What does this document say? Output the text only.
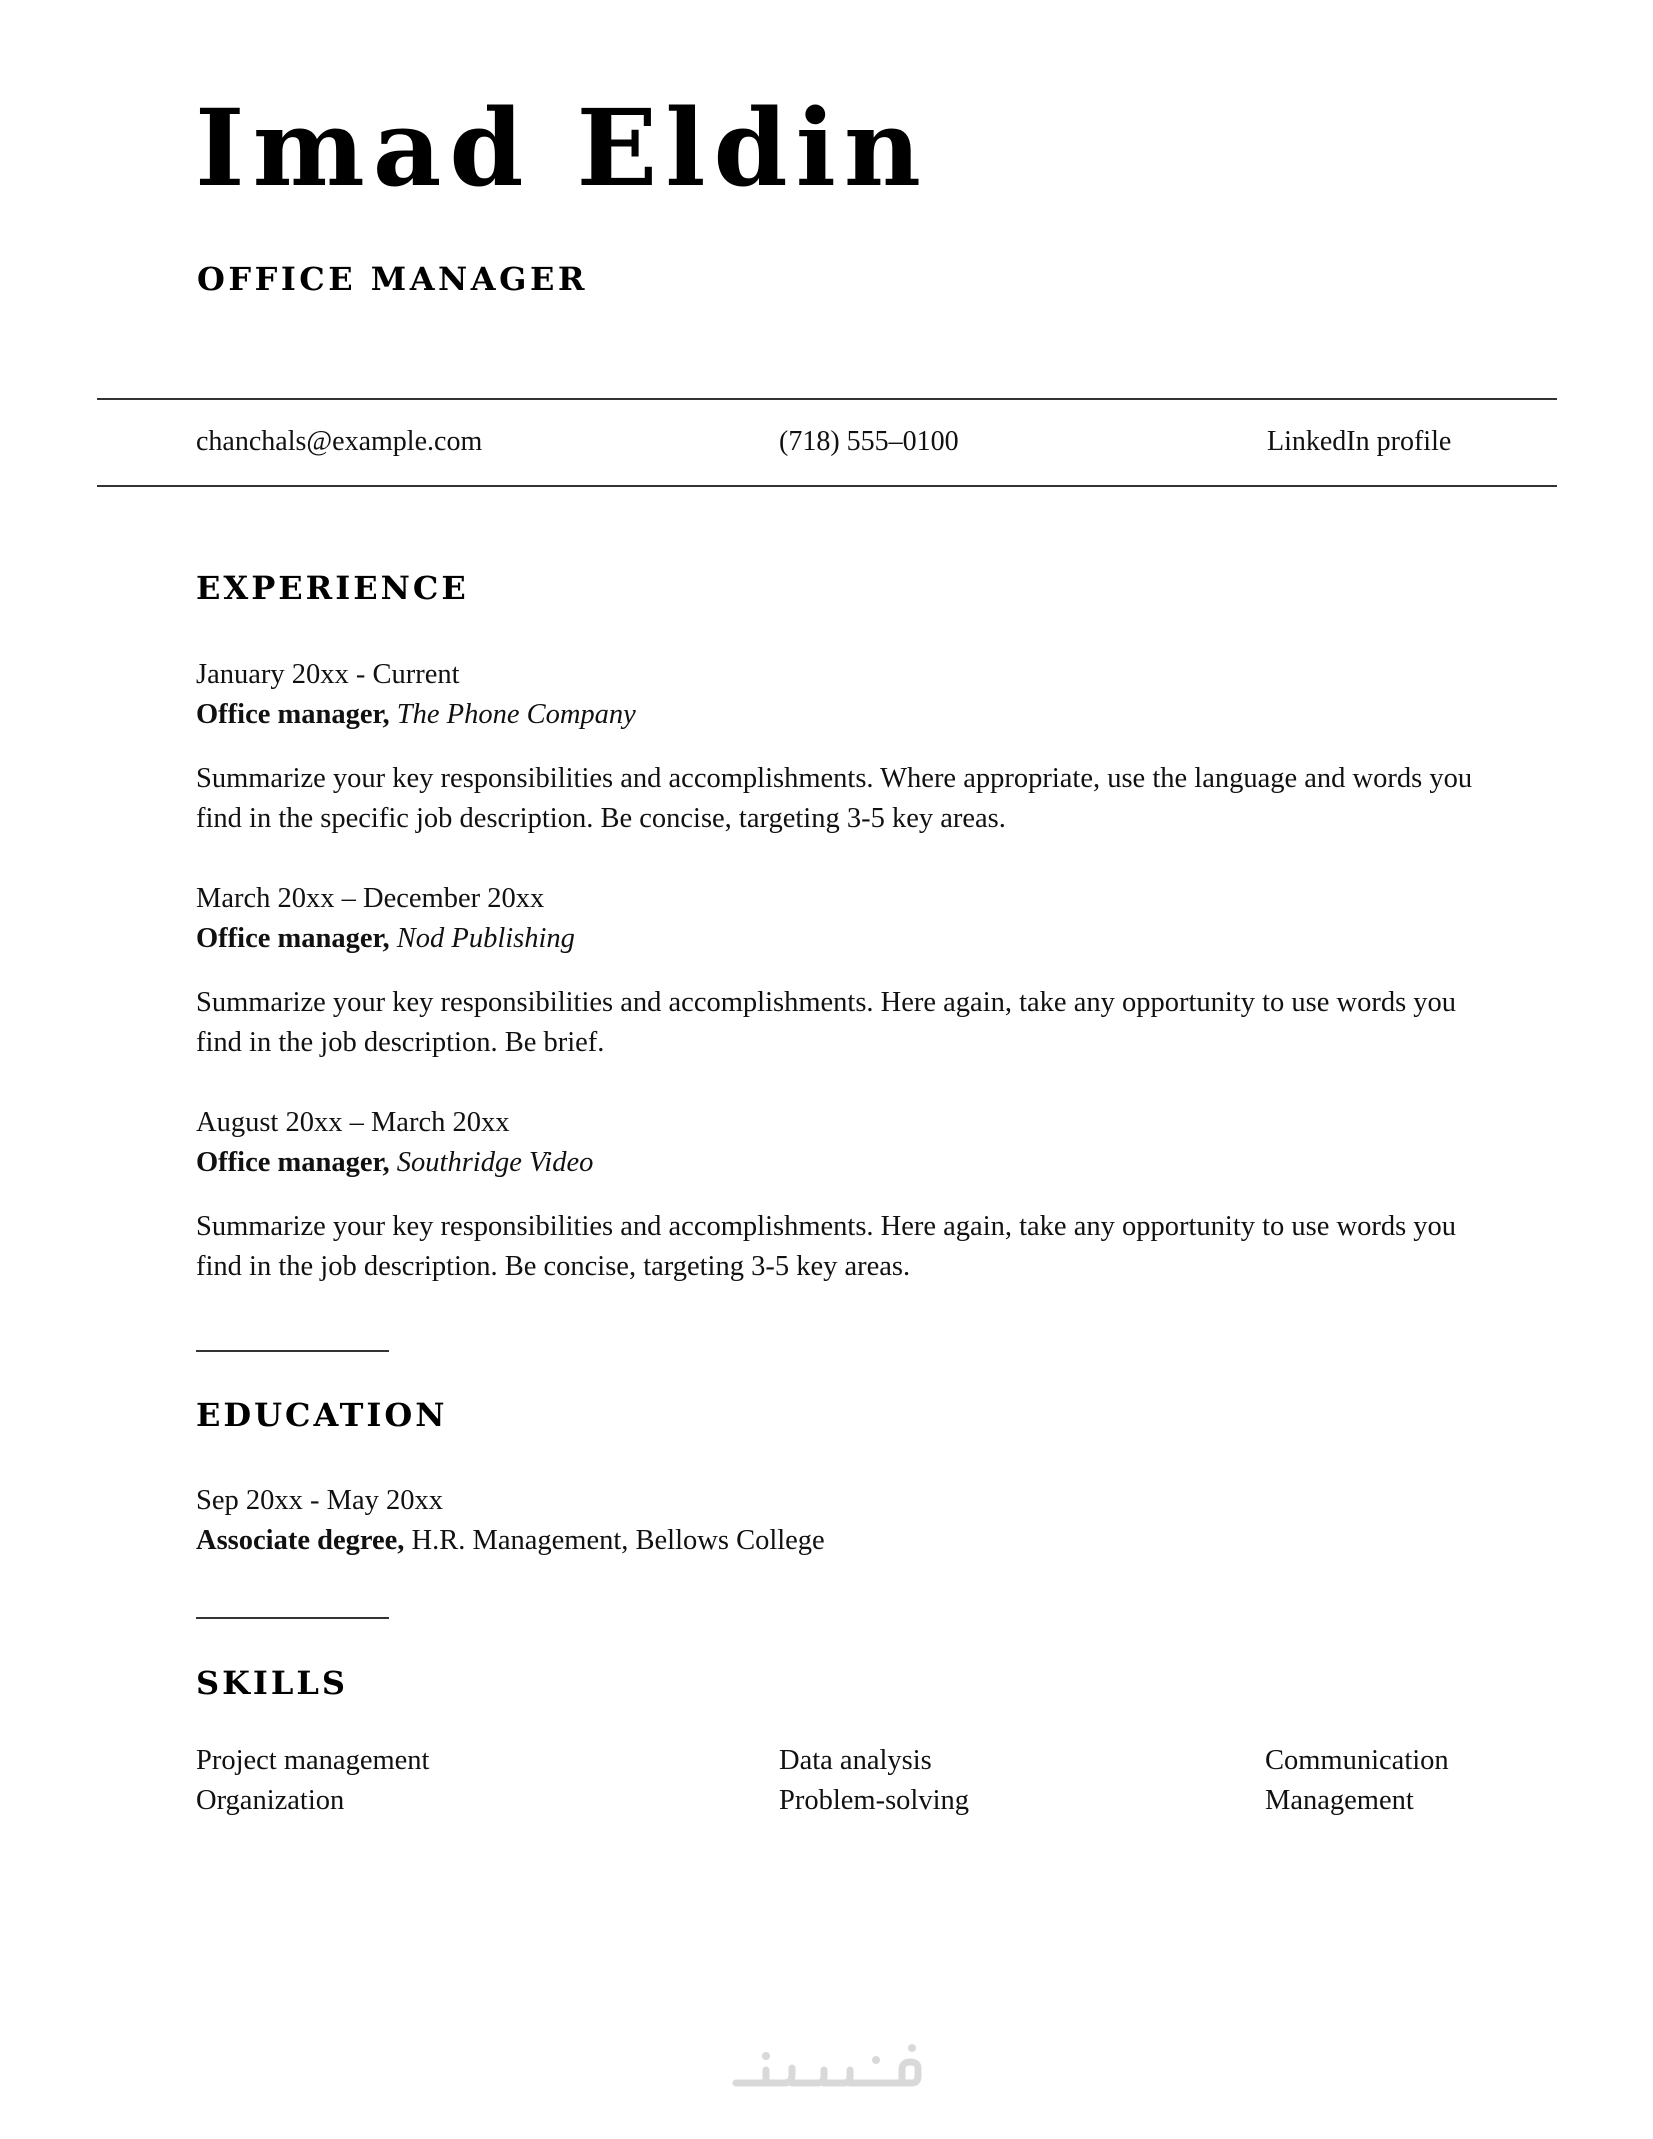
Imad Eldin
OFFICE MANAGER
chanchals@example.com	(718) 555–0100	LinkedIn profile
EXPERIENCE
January 20xx - Current
Office manager, The Phone Company
Summarize your key responsibilities and accomplishments. Where appropriate, use the language and words you find in the specific job description. Be concise, targeting 3-5 key areas.
March 20xx – December 20xx
Office manager, Nod Publishing
Summarize your key responsibilities and accomplishments. Here again, take any opportunity to use words you find in the job description. Be brief.
August 20xx – March 20xx
Office manager, Southridge Video
Summarize your key responsibilities and accomplishments. Here again, take any opportunity to use words you find in the job description. Be concise, targeting 3-5 key areas.
EDUCATION
Sep 20xx - May 20xx
Associate degree, H.R. Management, Bellows College
SKILLS
Project management
Organization
Data analysis
Problem-solving
Communication
Management
